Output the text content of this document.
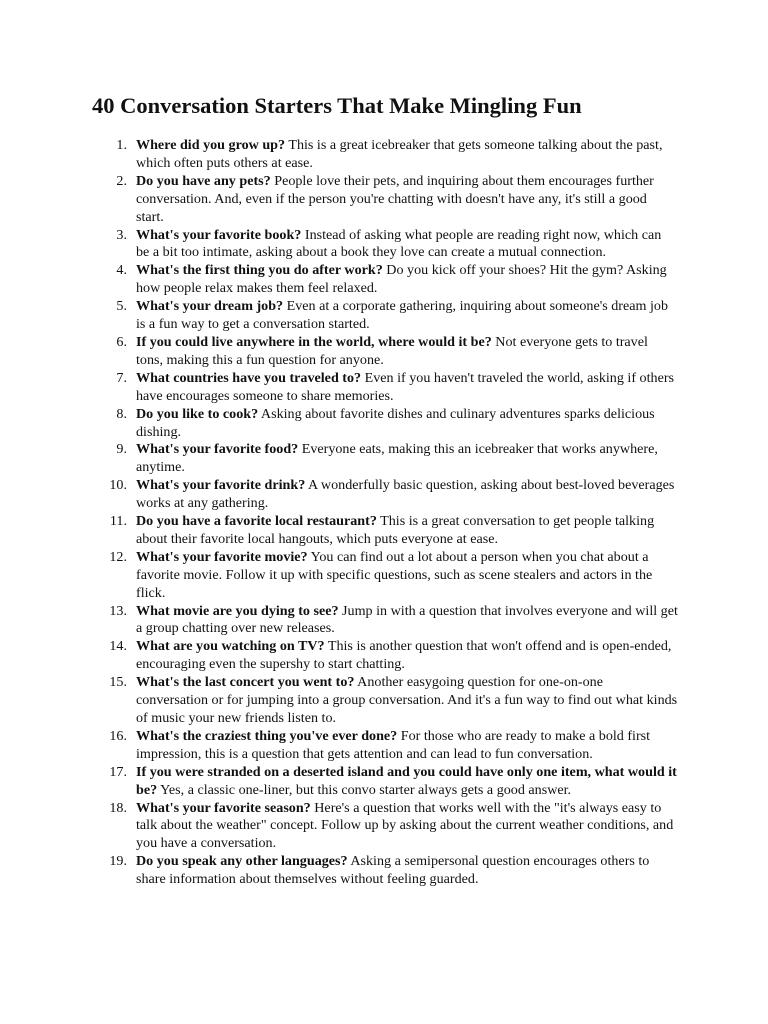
40 Conversation Starters That Make Mingling Fun
1. Where did you grow up? This is a great icebreaker that gets someone talking about the past, which often puts others at ease.
2. Do you have any pets? People love their pets, and inquiring about them encourages further conversation. And, even if the person you're chatting with doesn't have any, it's still a good start.
3. What's your favorite book? Instead of asking what people are reading right now, which can be a bit too intimate, asking about a book they love can create a mutual connection.
4. What's the first thing you do after work? Do you kick off your shoes? Hit the gym? Asking how people relax makes them feel relaxed.
5. What's your dream job? Even at a corporate gathering, inquiring about someone's dream job is a fun way to get a conversation started.
6. If you could live anywhere in the world, where would it be? Not everyone gets to travel tons, making this a fun question for anyone.
7. What countries have you traveled to? Even if you haven't traveled the world, asking if others have encourages someone to share memories.
8. Do you like to cook? Asking about favorite dishes and culinary adventures sparks delicious dishing.
9. What's your favorite food? Everyone eats, making this an icebreaker that works anywhere, anytime.
10. What's your favorite drink? A wonderfully basic question, asking about best-loved beverages works at any gathering.
11. Do you have a favorite local restaurant? This is a great conversation to get people talking about their favorite local hangouts, which puts everyone at ease.
12. What's your favorite movie? You can find out a lot about a person when you chat about a favorite movie. Follow it up with specific questions, such as scene stealers and actors in the flick.
13. What movie are you dying to see? Jump in with a question that involves everyone and will get a group chatting over new releases.
14. What are you watching on TV? This is another question that won't offend and is open-ended, encouraging even the supershy to start chatting.
15. What's the last concert you went to? Another easygoing question for one-on-one conversation or for jumping into a group conversation. And it's a fun way to find out what kinds of music your new friends listen to.
16. What's the craziest thing you've ever done? For those who are ready to make a bold first impression, this is a question that gets attention and can lead to fun conversation.
17. If you were stranded on a deserted island and you could have only one item, what would it be? Yes, a classic one-liner, but this convo starter always gets a good answer.
18. What's your favorite season? Here's a question that works well with the "it's always easy to talk about the weather" concept. Follow up by asking about the current weather conditions, and you have a conversation.
19. Do you speak any other languages? Asking a semipersonal question encourages others to share information about themselves without feeling guarded.
